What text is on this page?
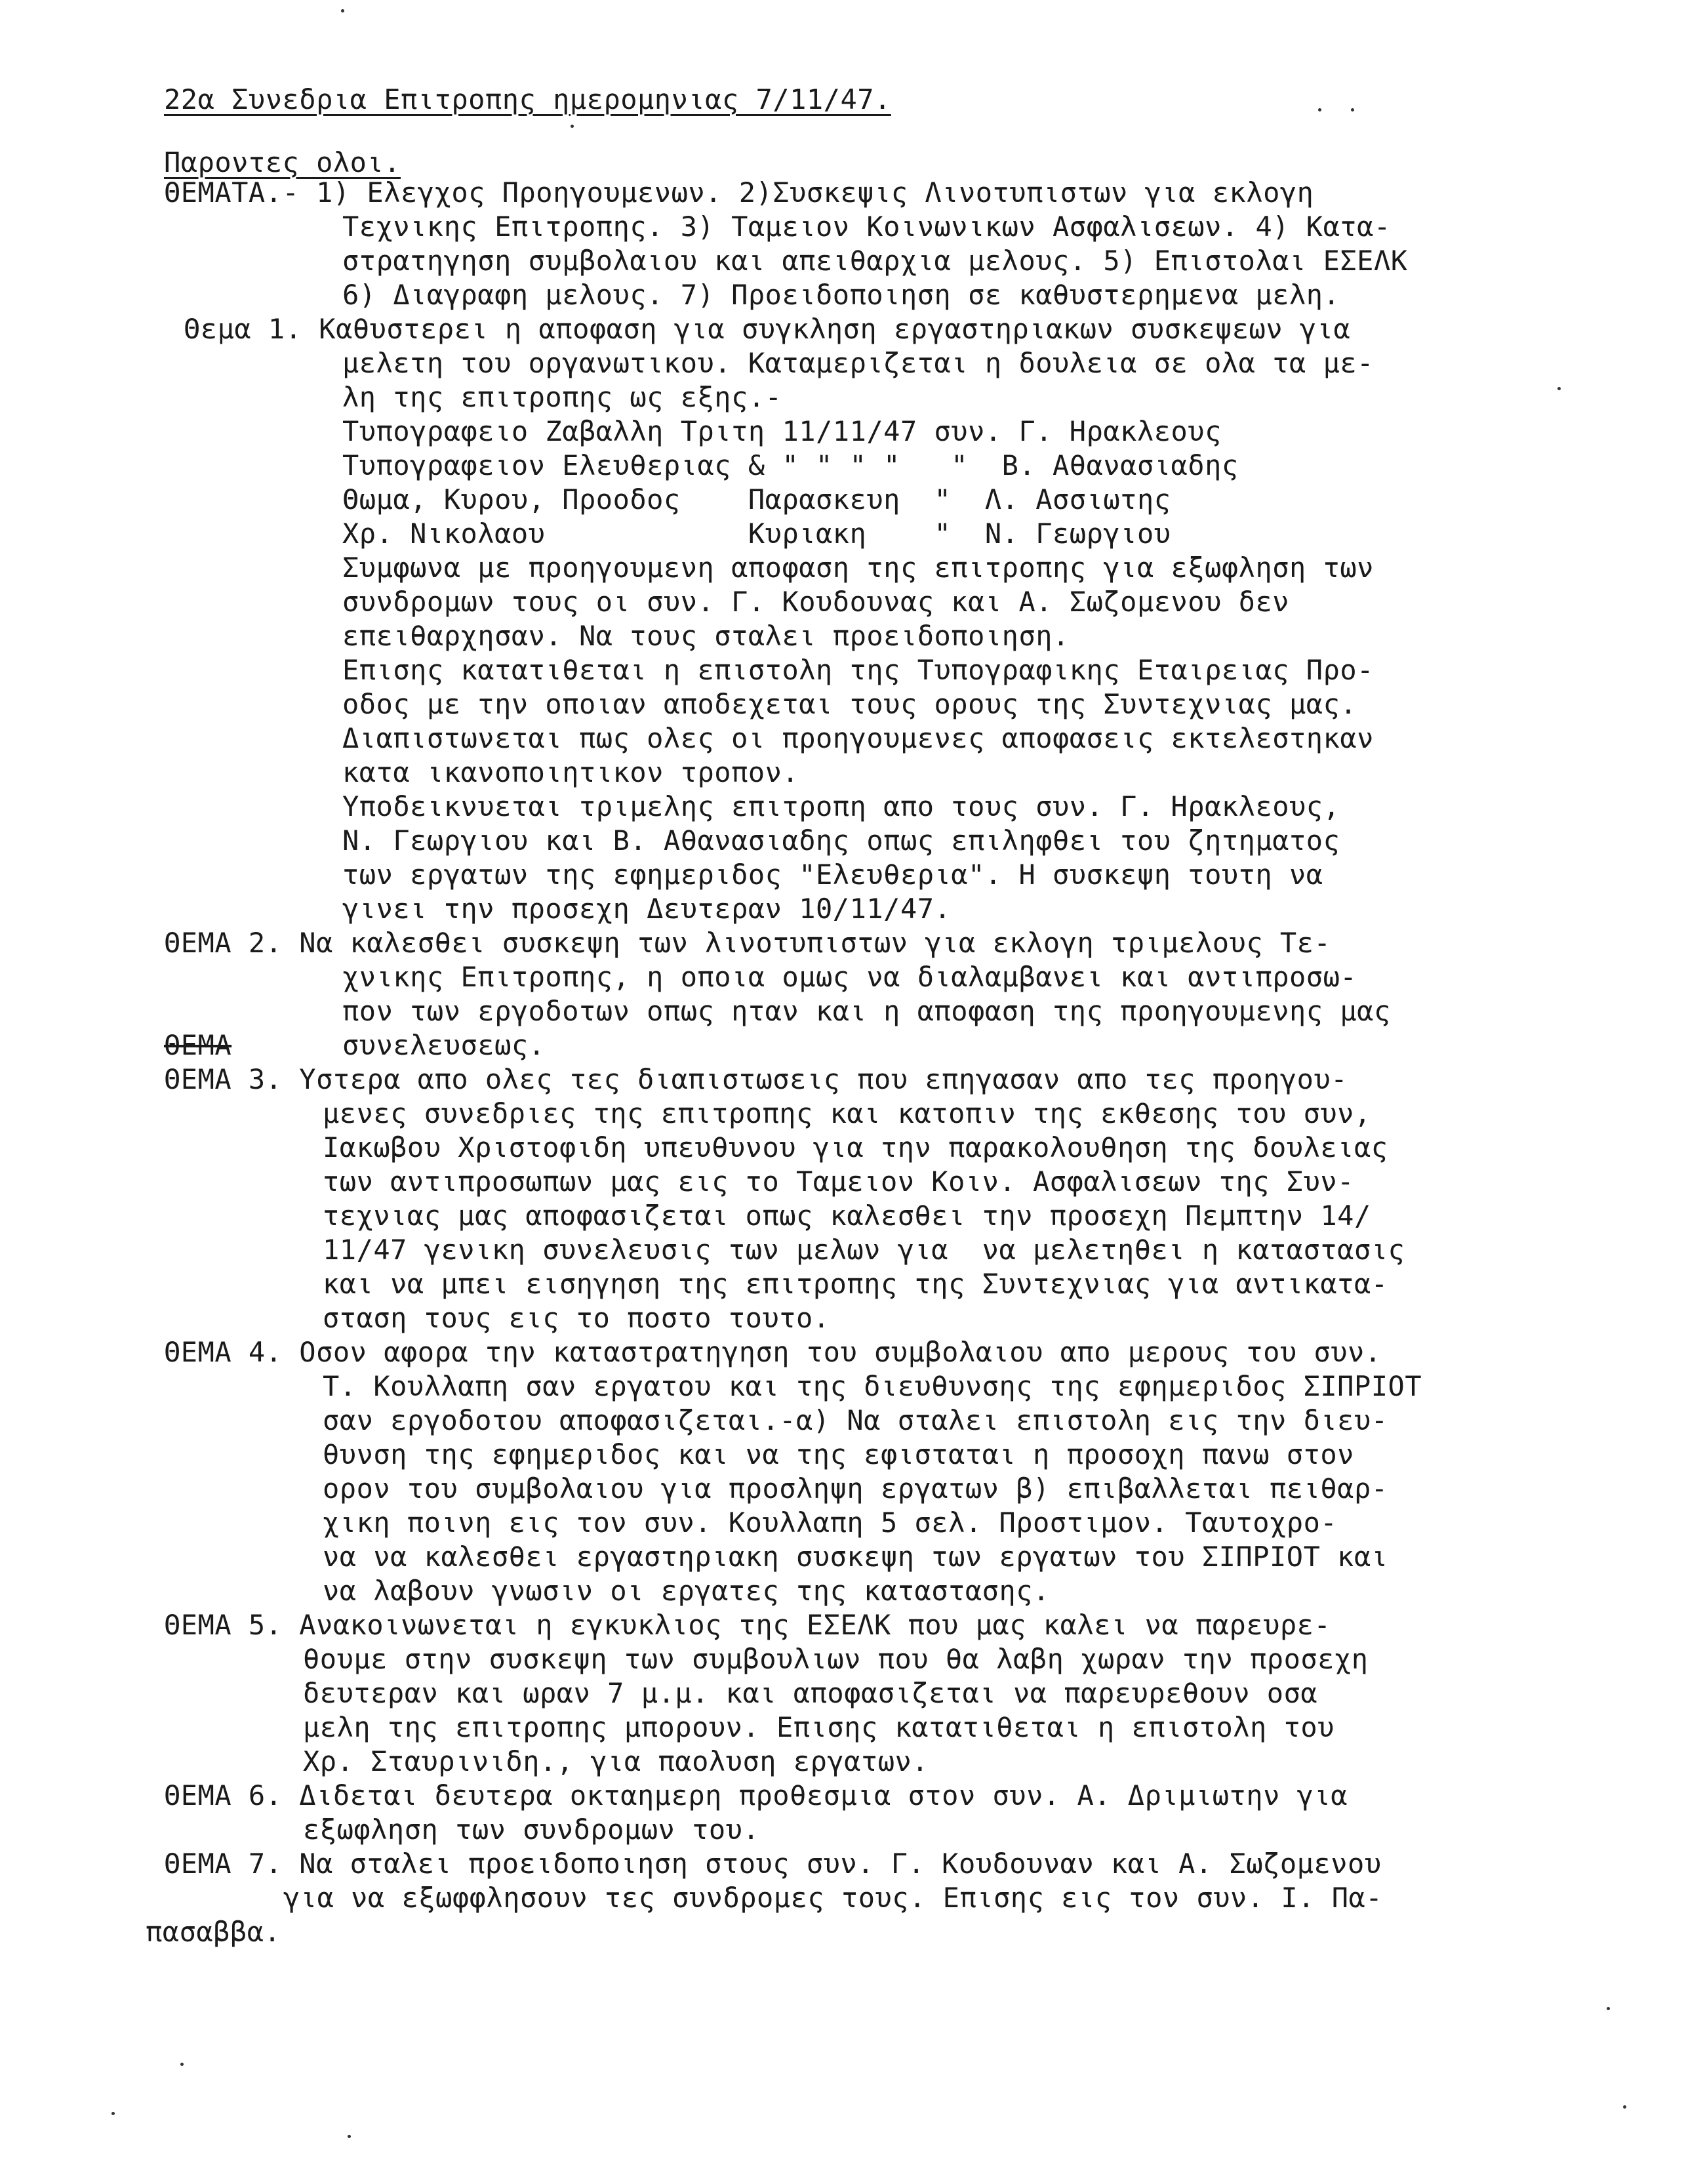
22α Συνεδρια Επιτροπης ημερομηνιας 7/11/47.
Παροντες ολοι.
ΘΕΜΑΤΑ.- 1) Ελεγχος Προηγουμενων. 2)Συσκεψις Λινοτυπιστων για εκλογη
Τεχνικης Επιτροπης. 3) Ταμειον Κοινωνικων Ασφαλισεων. 4) Κατα-
στρατηγηση συμβολαιου και απειθαρχια μελους. 5) Επιστολαι ΕΣΕΛΚ
6) Διαγραφη μελους. 7) Προειδοποιηση σε καθυστερημενα μελη.
Θεμα 1. Καθυστερει η αποφαση για συγκληση εργαστηριακων συσκεψεων για
μελετη του οργανωτικου. Καταμεριζεται η δουλεια σε ολα τα με-
λη της επιτροπης ως εξης.-
Τυπογραφειο Ζαβαλλη Τριτη 11/11/47 συν. Γ. Ηρακλεους
Τυπογραφειον Ελευθεριας & " " " "   "  Β. Αθανασιαδης
Θωμα, Κυρου, Προοδος    Παρασκευη  "  Λ. Ασσιωτης
Χρ. Νικολαου            Κυριακη    "  Ν. Γεωργιου
Συμφωνα με προηγουμενη αποφαση της επιτροπης για εξωφληση των
συνδρομων τους οι συν. Γ. Κουδουνας και Α. Σωζομενου δεν
επειθαρχησαν. Να τους σταλει προειδοποιηση.
Επισης κατατιθεται η επιστολη της Τυπογραφικης Εταιρειας Προ-
οδος με την οποιαν αποδεχεται τους ορους της Συντεχνιας μας.
Διαπιστωνεται πως ολες οι προηγουμενες αποφασεις εκτελεστηκαν
κατα ικανοποιητικον τροπον.
Υποδεικνυεται τριμελης επιτροπη απο τους συν. Γ. Ηρακλεους,
Ν. Γεωργιου και Β. Αθανασιαδης οπως επιληφθει του ζητηματος
των εργατων της εφημεριδος "Ελευθερια". Η συσκεψη τουτη να
γινει την προσεχη Δευτεραν 10/11/47.
ΘΕΜΑ 2. Να καλεσθει συσκεψη των λινοτυπιστων για εκλογη τριμελους Τε-
χνικης Επιτροπης, η οποια ομως να διαλαμβανει και αντιπροσω-
πον των εργοδοτων οπως ηταν και η αποφαση της προηγουμενης μας
ΘΕΜΑ	συνελευσεως.
ΘΕΜΑ 3. Υστερα απο ολες τες διαπιστωσεις που επηγασαν απο τες προηγου-
μενες συνεδριες της επιτροπης και κατοπιν της εκθεσης του συν,
Ιακωβου Χριστοφιδη υπευθυνου για την παρακολουθηση της δουλειας
των αντιπροσωπων μας εις το Ταμειον Κοιν. Ασφαλισεων της Συν-
τεχνιας μας αποφασιζεται οπως καλεσθει την προσεχη Πεμπτην 14/
11/47 γενικη συνελευσις των μελων για  να μελετηθει η καταστασις
και να μπει εισηγηση της επιτροπης της Συντεχνιας για αντικατα-
σταση τους εις το ποστο τουτο.
ΘΕΜΑ 4. Οσον αφορα την καταστρατηγηση του συμβολαιου απο μερους του συν.
Τ. Κουλλαπη σαν εργατου και της διευθυνσης της εφημεριδος ΣΙΠΡΙΟΤ
σαν εργοδοτου αποφασιζεται.-α) Να σταλει επιστολη εις την διευ-
θυνση της εφημεριδος και να της εφισταται η προσοχη πανω στον
ορον του συμβολαιου για προσληψη εργατων β) επιβαλλεται πειθαρ-
χικη ποινη εις τον συν. Κουλλαπη 5 σελ. Προστιμον. Ταυτοχρο-
να να καλεσθει εργαστηριακη συσκεψη των εργατων του ΣΙΠΡΙΟΤ και
να λαβουν γνωσιν οι εργατες της καταστασης.
ΘΕΜΑ 5. Ανακοινωνεται η εγκυκλιος της ΕΣΕΛΚ που μας καλει να παρευρε-
θουμε στην συσκεψη των συμβουλιων που θα λαβη χωραν την προσεχη
δευτεραν και ωραν 7 μ.μ. και αποφασιζεται να παρευρεθουν οσα
μελη της επιτροπης μπορουν. Επισης κατατιθεται η επιστολη του
Χρ. Σταυρινιδη., για παολυση εργατων.
ΘΕΜΑ 6. Διδεται δευτερα οκταημερη προθεσμια στον συν. Α. Δριμιωτην για
εξωφληση των συνδρομων του.
ΘΕΜΑ 7. Να σταλει προειδοποιηση στους συν. Γ. Κουδουναν και Α. Σωζομενου
για να εξωφφλησουν τες συνδρομες τους. Επισης εις τον συν. Ι. Πα-
πασαββα.
